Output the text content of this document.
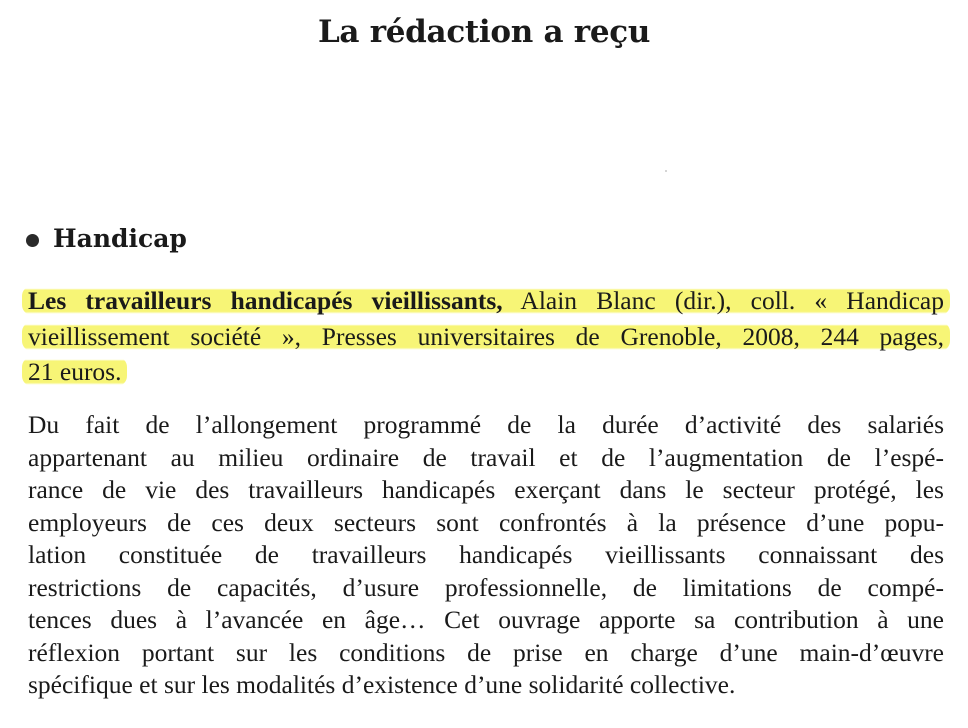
La rédaction a reçu
Handicap
Les travailleurs handicapés vieillissants, Alain Blanc (dir.), coll. « Handicap
vieillissement société », Presses universitaires de Grenoble, 2008, 244 pages,
21 euros.
Du fait de l’allongement programmé de la durée d’activité des salariés
appartenant au milieu ordinaire de travail et de l’augmentation de l’espé-
rance de vie des travailleurs handicapés exerçant dans le secteur protégé, les
employeurs de ces deux secteurs sont confrontés à la présence d’une popu-
lation constituée de travailleurs handicapés vieillissants connaissant des
restrictions de capacités, d’usure professionnelle, de limitations de compé-
tences dues à l’avancée en âge… Cet ouvrage apporte sa contribution à une
réflexion portant sur les conditions de prise en charge d’une main-d’œuvre
spécifique et sur les modalités d’existence d’une solidarité collective.
